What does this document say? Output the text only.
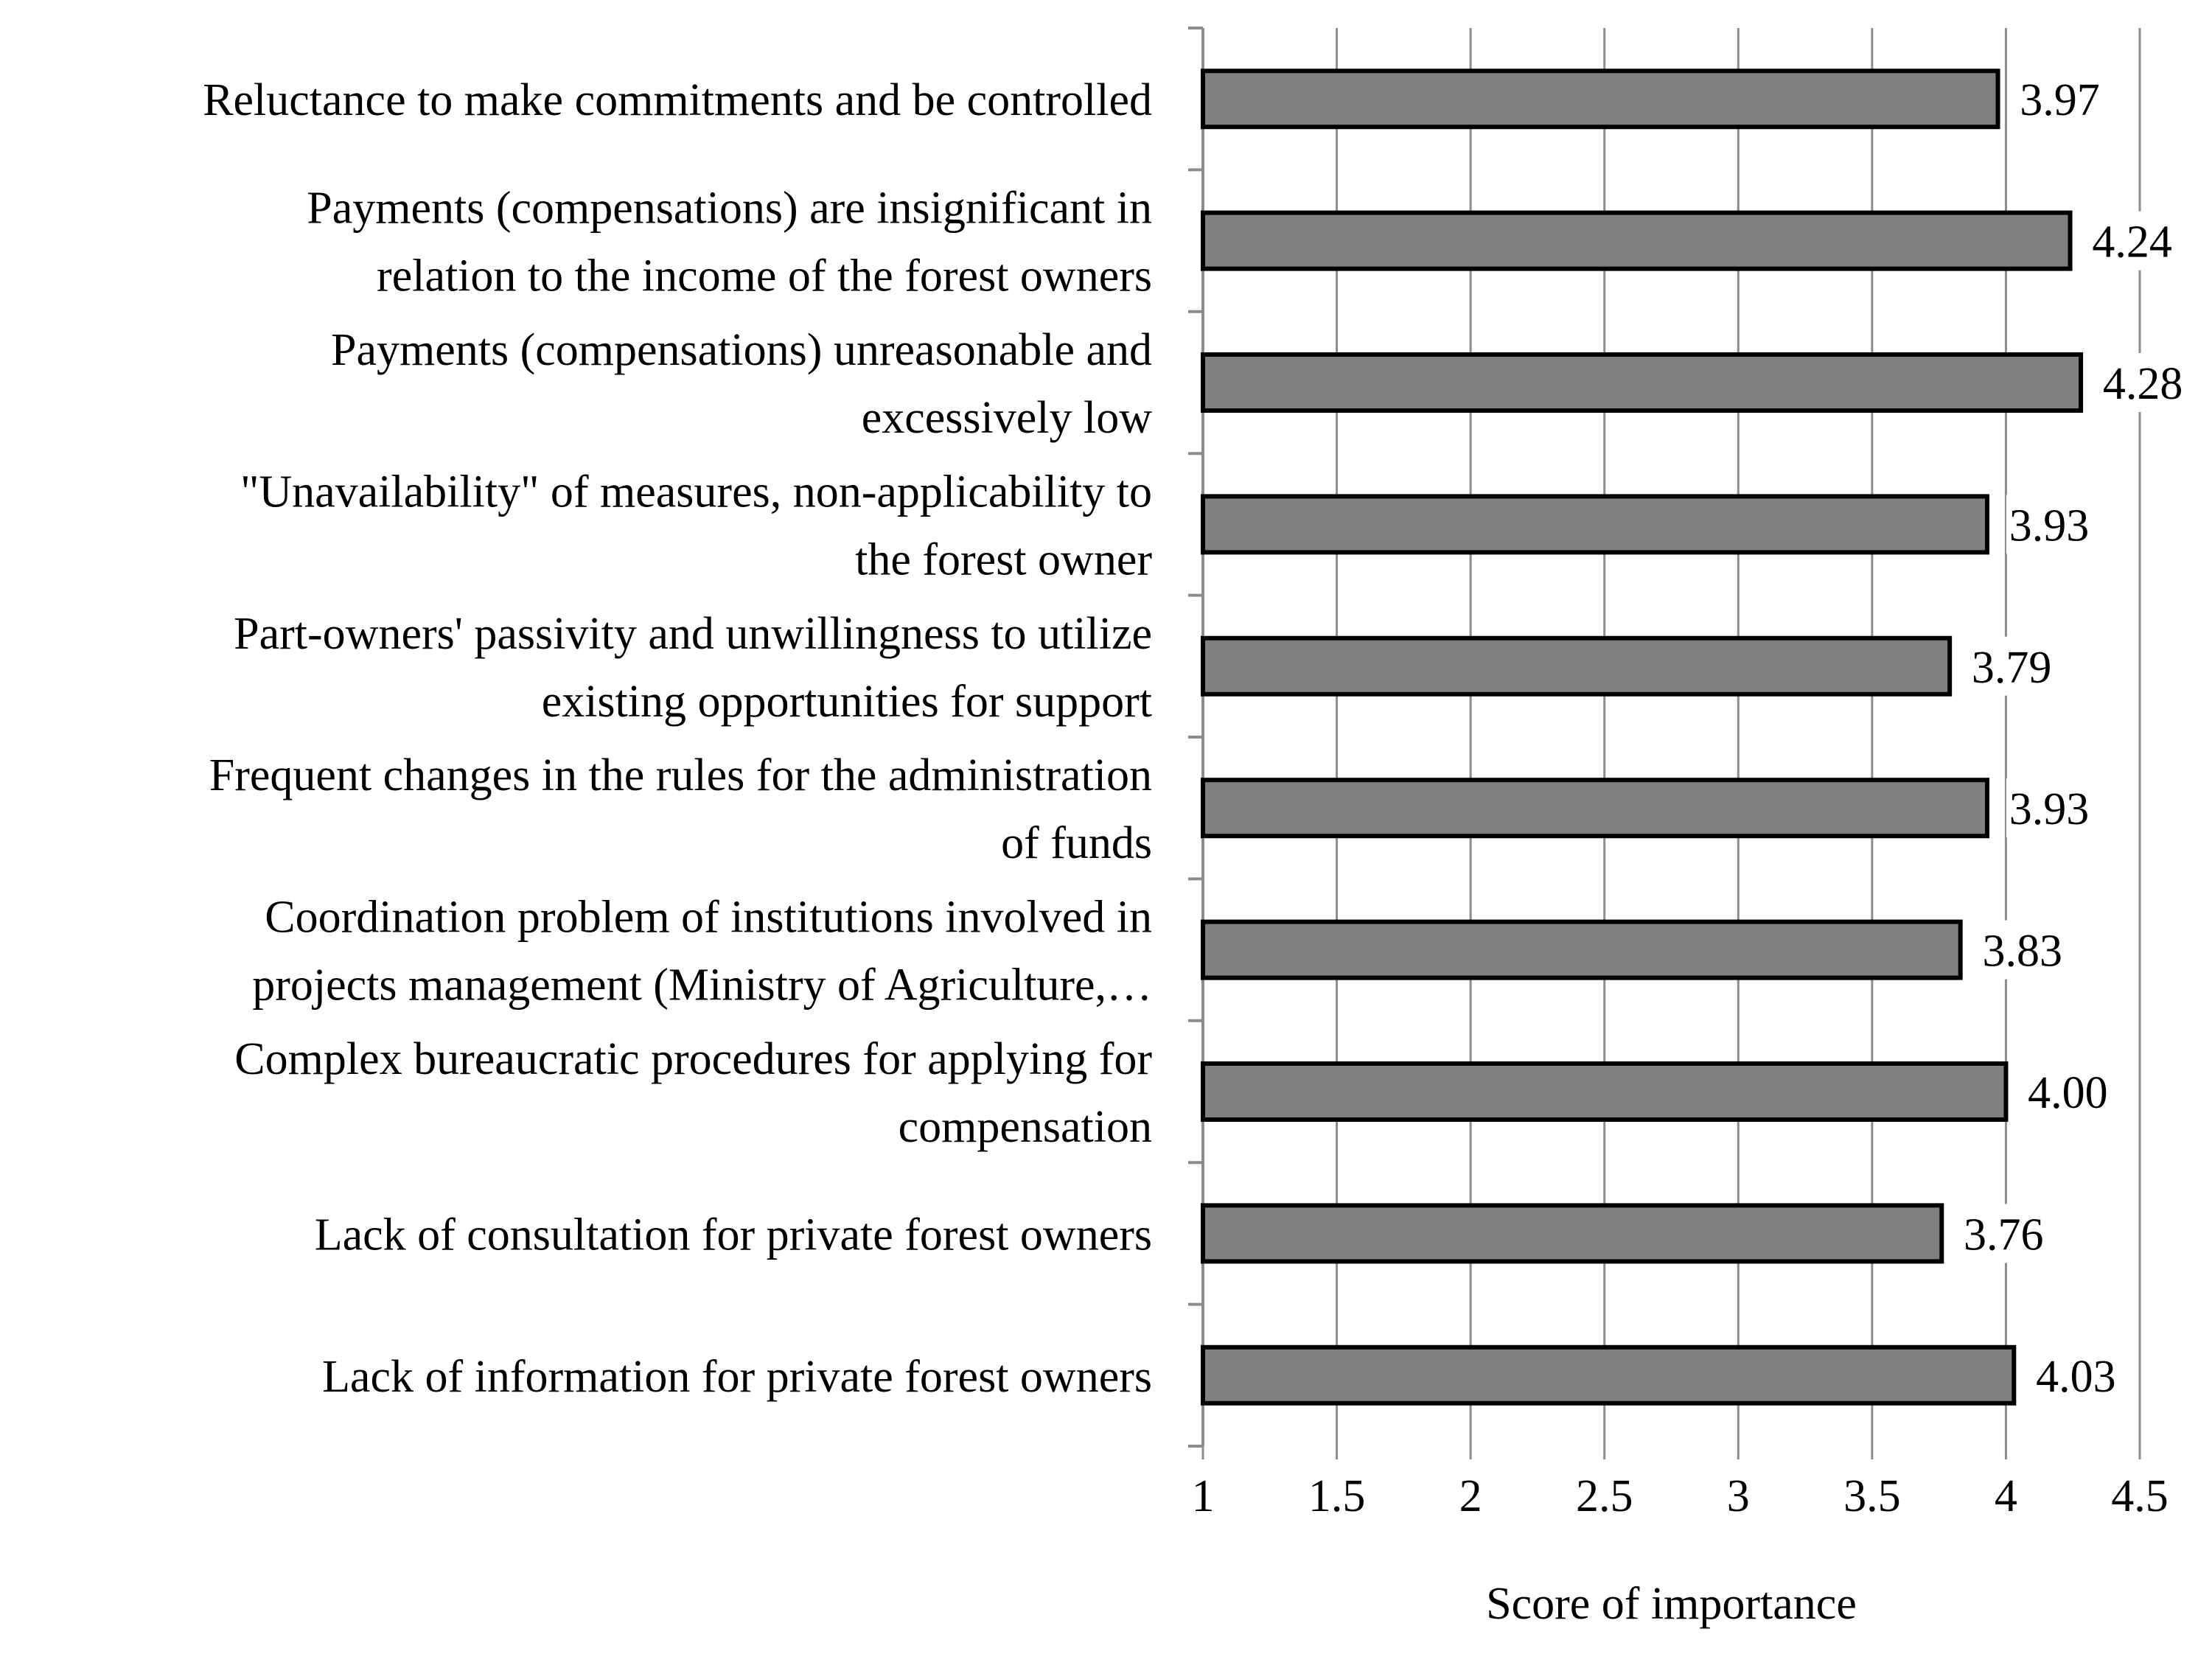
3.97
4.24
4.28
3.93
3.79
3.93
3.83
4.00
3.76
4.03
Reluctance to make commitments and be controlled
Payments (compensations) are insignificant in
relation to the income of the forest owners
Payments (compensations) unreasonable and
excessively low
"Unavailability" of measures, non-applicability to
the forest owner
Part-owners' passivity and unwillingness to utilize
existing opportunities for support
Frequent changes in the rules for the administration
of funds
Coordination problem of institutions involved in
projects management (Ministry of Agriculture,…
Complex bureaucratic procedures for applying for
compensation
Lack of consultation for private forest owners
Lack of information for private forest owners
1 1.5 2 2.5 3 3.5 4 4.5
Score of importance
